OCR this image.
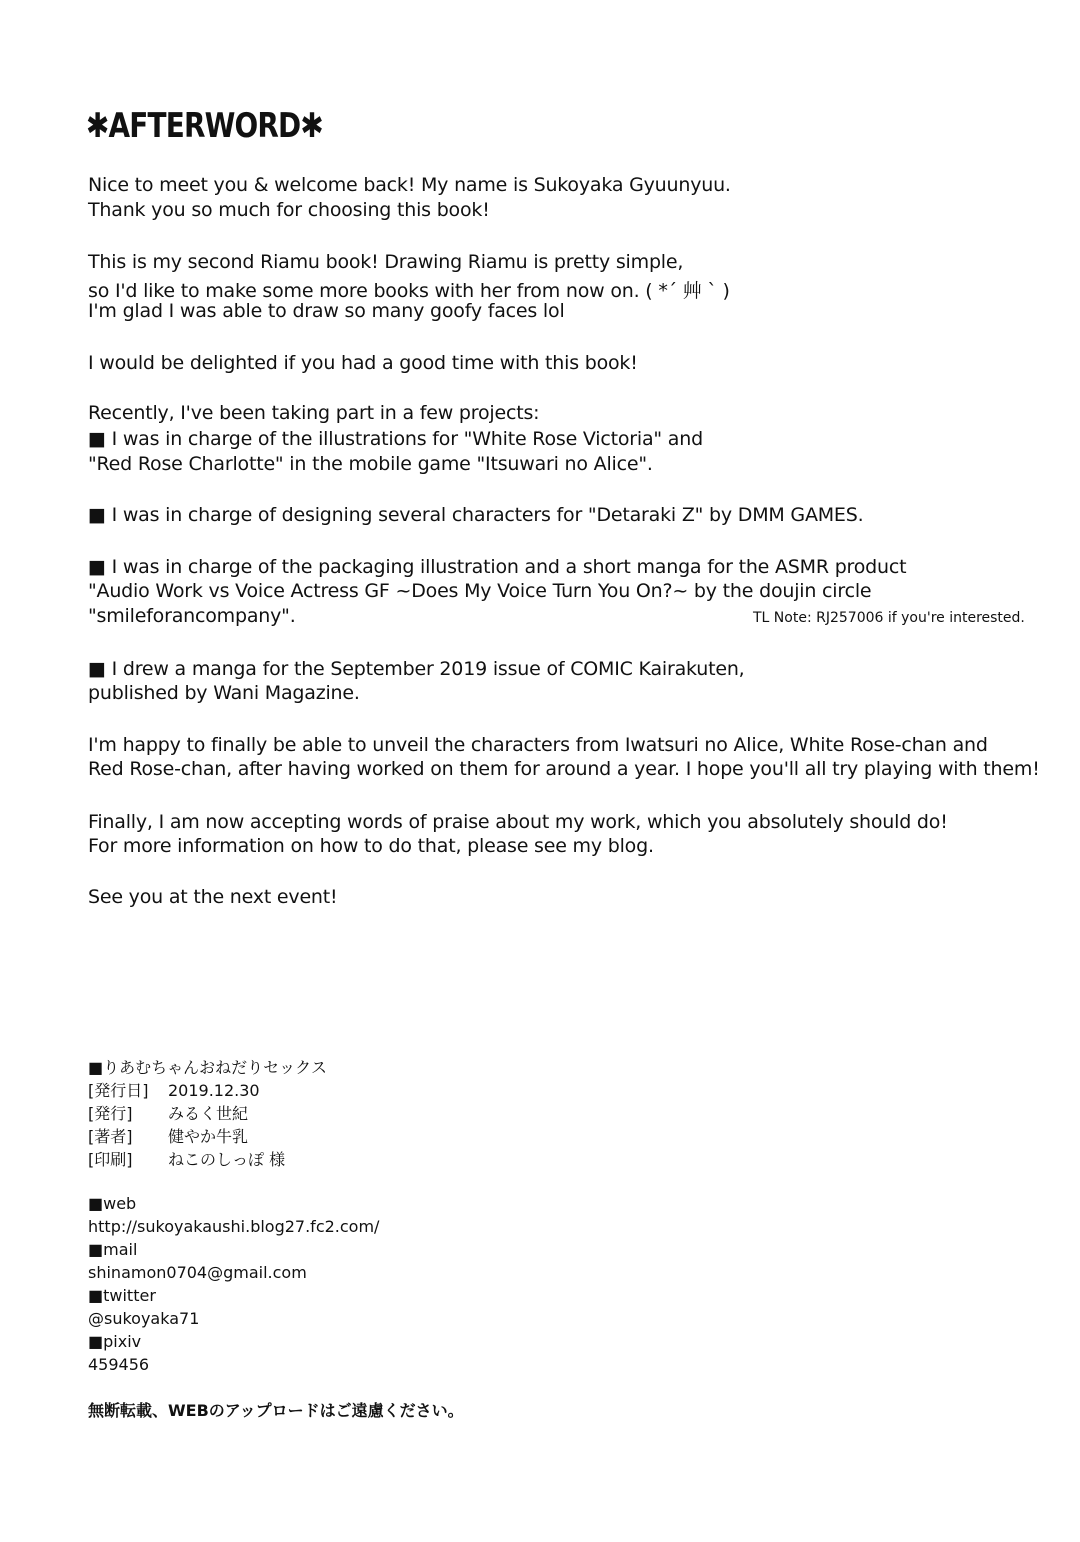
✱AFTERWORD✱
Nice to meet you & welcome back! My name is Sukoyaka Gyuunyuu.
Thank you so much for choosing this book!
This is my second Riamu book! Drawing Riamu is pretty simple,
so I'd like to make some more books with her from now on. ( *´ 艸 ` )
I'm glad I was able to draw so many goofy faces lol
I would be delighted if you had a good time with this book!
Recently, I've been taking part in a few projects:
■ I was in charge of the illustrations for "White Rose Victoria" and
"Red Rose Charlotte" in the mobile game "Itsuwari no Alice".
■ I was in charge of designing several characters for "Detaraki Z" by DMM GAMES.
■ I was in charge of the packaging illustration and a short manga for the ASMR product
"Audio Work vs Voice Actress GF ~Does My Voice Turn You On?~ by the doujin circle
"smileforancompany".	TL Note: RJ257006 if you're interested.
■ I drew a manga for the September 2019 issue of COMIC Kairakuten,
published by Wani Magazine.
I'm happy to finally be able to unveil the characters from Iwatsuri no Alice, White Rose-chan and
Red Rose-chan, after having worked on them for around a year. I hope you'll all try playing with them!
Finally, I am now accepting words of praise about my work, which you absolutely should do!
For more information on how to do that, please see my blog.
See you at the next event!
■りあむちゃんおねだりセックス
[発行日] 2019.12.30
[発行] みるく世紀
[著者] 健やか牛乳
[印刷] ねこのしっぽ 様
■web
http://sukoyakaushi.blog27.fc2.com/
■mail
shinamon0704@gmail.com
■twitter
@sukoyaka71
■pixiv
459456
無断転載、WEBのアップロードはご遠慮ください。
